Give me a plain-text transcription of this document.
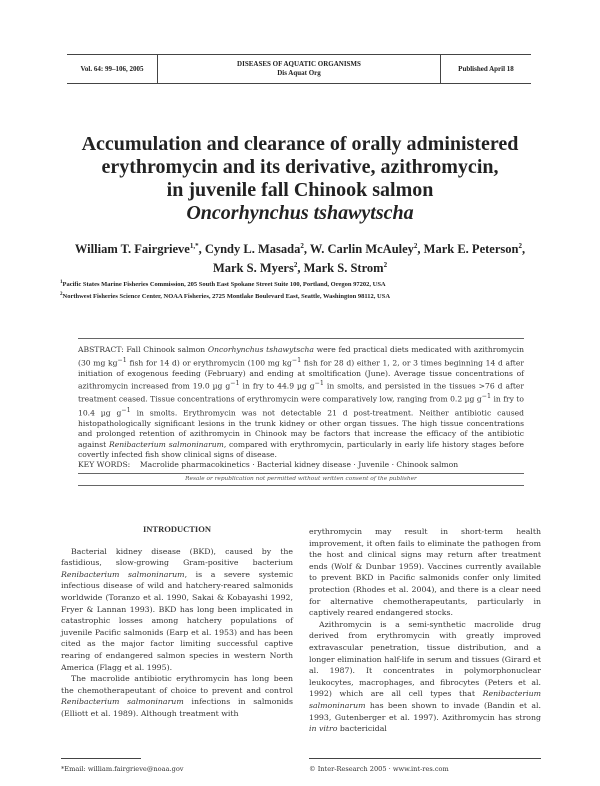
Vol. 64: 99–106, 2005
DISEASES OF AQUATIC ORGANISMS
Dis Aquat Org	Published April 18
Accumulation and clearance of orally administered
erythromycin and its derivative, azithromycin,
in juvenile fall Chinook salmon
Oncorhynchus tshawytscha
William T. Fairgrieve$^{1,*}$, Cyndy L. Masada$^2$, W. Carlin McAuley$^2$, Mark E. Peterson$^2$,
Mark S. Myers$^2$, Mark S. Strom$^2$
$^1$Pacific States Marine Fisheries Commission, 205 South East Spokane Street Suite 100, Portland, Oregon 97202, USA
$^2$Northwest Fisheries Science Center, NOAA Fisheries, 2725 Montlake Boulevard East, Seattle, Washington 98112, USA
ABSTRACT: Fall Chinook salmon Oncorhynchus tshawytscha were fed practical diets medicated with azithromycin (30 mg $kg^{-1}$ fish for 14 d) or erythromycin (100 mg $kg^{-1}$ fish for 28 d) either 1, 2, or 3 times beginning 14 d after initiation of exogenous feeding (February) and ending at smoltification (June). Average tissue concentrations of azithromycin increased from 19.0 µg $g^{-1}$ in fry to 44.9 µg $g^{-1}$ in smolts, and persisted in the tissues >76 d after treatment ceased. Tissue concentrations of erythromycin were comparatively low, ranging from 0.2 µg $g^{-1}$ in fry to 10.4 µg $g^{-1}$ in smolts. Erythromycin was not detectable 21 d post-treatment. Neither antibiotic caused histopathologically significant lesions in the trunk kidney or other organ tissues. The high tissue concentrations and prolonged retention of azithromycin in Chinook may be factors that increase the efficacy of the antibiotic against Renibacterium salmoninarum, compared with erythromycin, particularly in early life history stages before covertly infected fish show clinical signs of disease.
KEY WORDS: Macrolide pharmacokinetics · Bacterial kidney disease · Juvenile · Chinook salmon
Resale or republication not permitted without written consent of the publisher

INTRODUCTION

Bacterial kidney disease (BKD), caused by the fastidious, slow-growing Gram-positive bacterium Renibacterium salmoninarum, is a severe systemic infectious disease of wild and hatchery-reared salmonids worldwide (Toranzo et al. 1990, Sakai & Kobayashi 1992, Fryer & Lannan 1993). BKD has long been implicated in catastrophic losses among hatchery populations of juvenile Pacific salmonids (Earp et al. 1953) and has been cited as the major factor limiting successful captive rearing of endangered salmon species in western North America (Flagg et al. 1995).

The macrolide antibiotic erythromycin has long been the chemotherapeutant of choice to prevent and control Renibacterium salmoninarum infections in salmonids (Elliott et al. 1989). Although treatment with

erythromycin may result in short-term health improvement, it often fails to eliminate the pathogen from the host and clinical signs may return after treatment ends (Wolf & Dunbar 1959). Vaccines currently available to prevent BKD in Pacific salmonids confer only limited protection (Rhodes et al. 2004), and there is a clear need for alternative chemotherapeutants, particularly in captively reared endangered stocks.

Azithromycin is a semi-synthetic macrolide drug derived from erythromycin with greatly improved extravascular penetration, tissue distribution, and a longer elimination half-life in serum and tissues (Girard et al. 1987). It concentrates in polymorphonuclear leukocytes, macrophages, and fibrocytes (Peters et al. 1992) which are all cell types that Renibacterium salmoninarum has been shown to invade (Bandin et al. 1993, Gutenberger et al. 1997). Azithromycin has strong in vitro bactericidal

*Email: william.fairgrieve@noaa.gov	© Inter-Research 2005 · www.int-res.com
